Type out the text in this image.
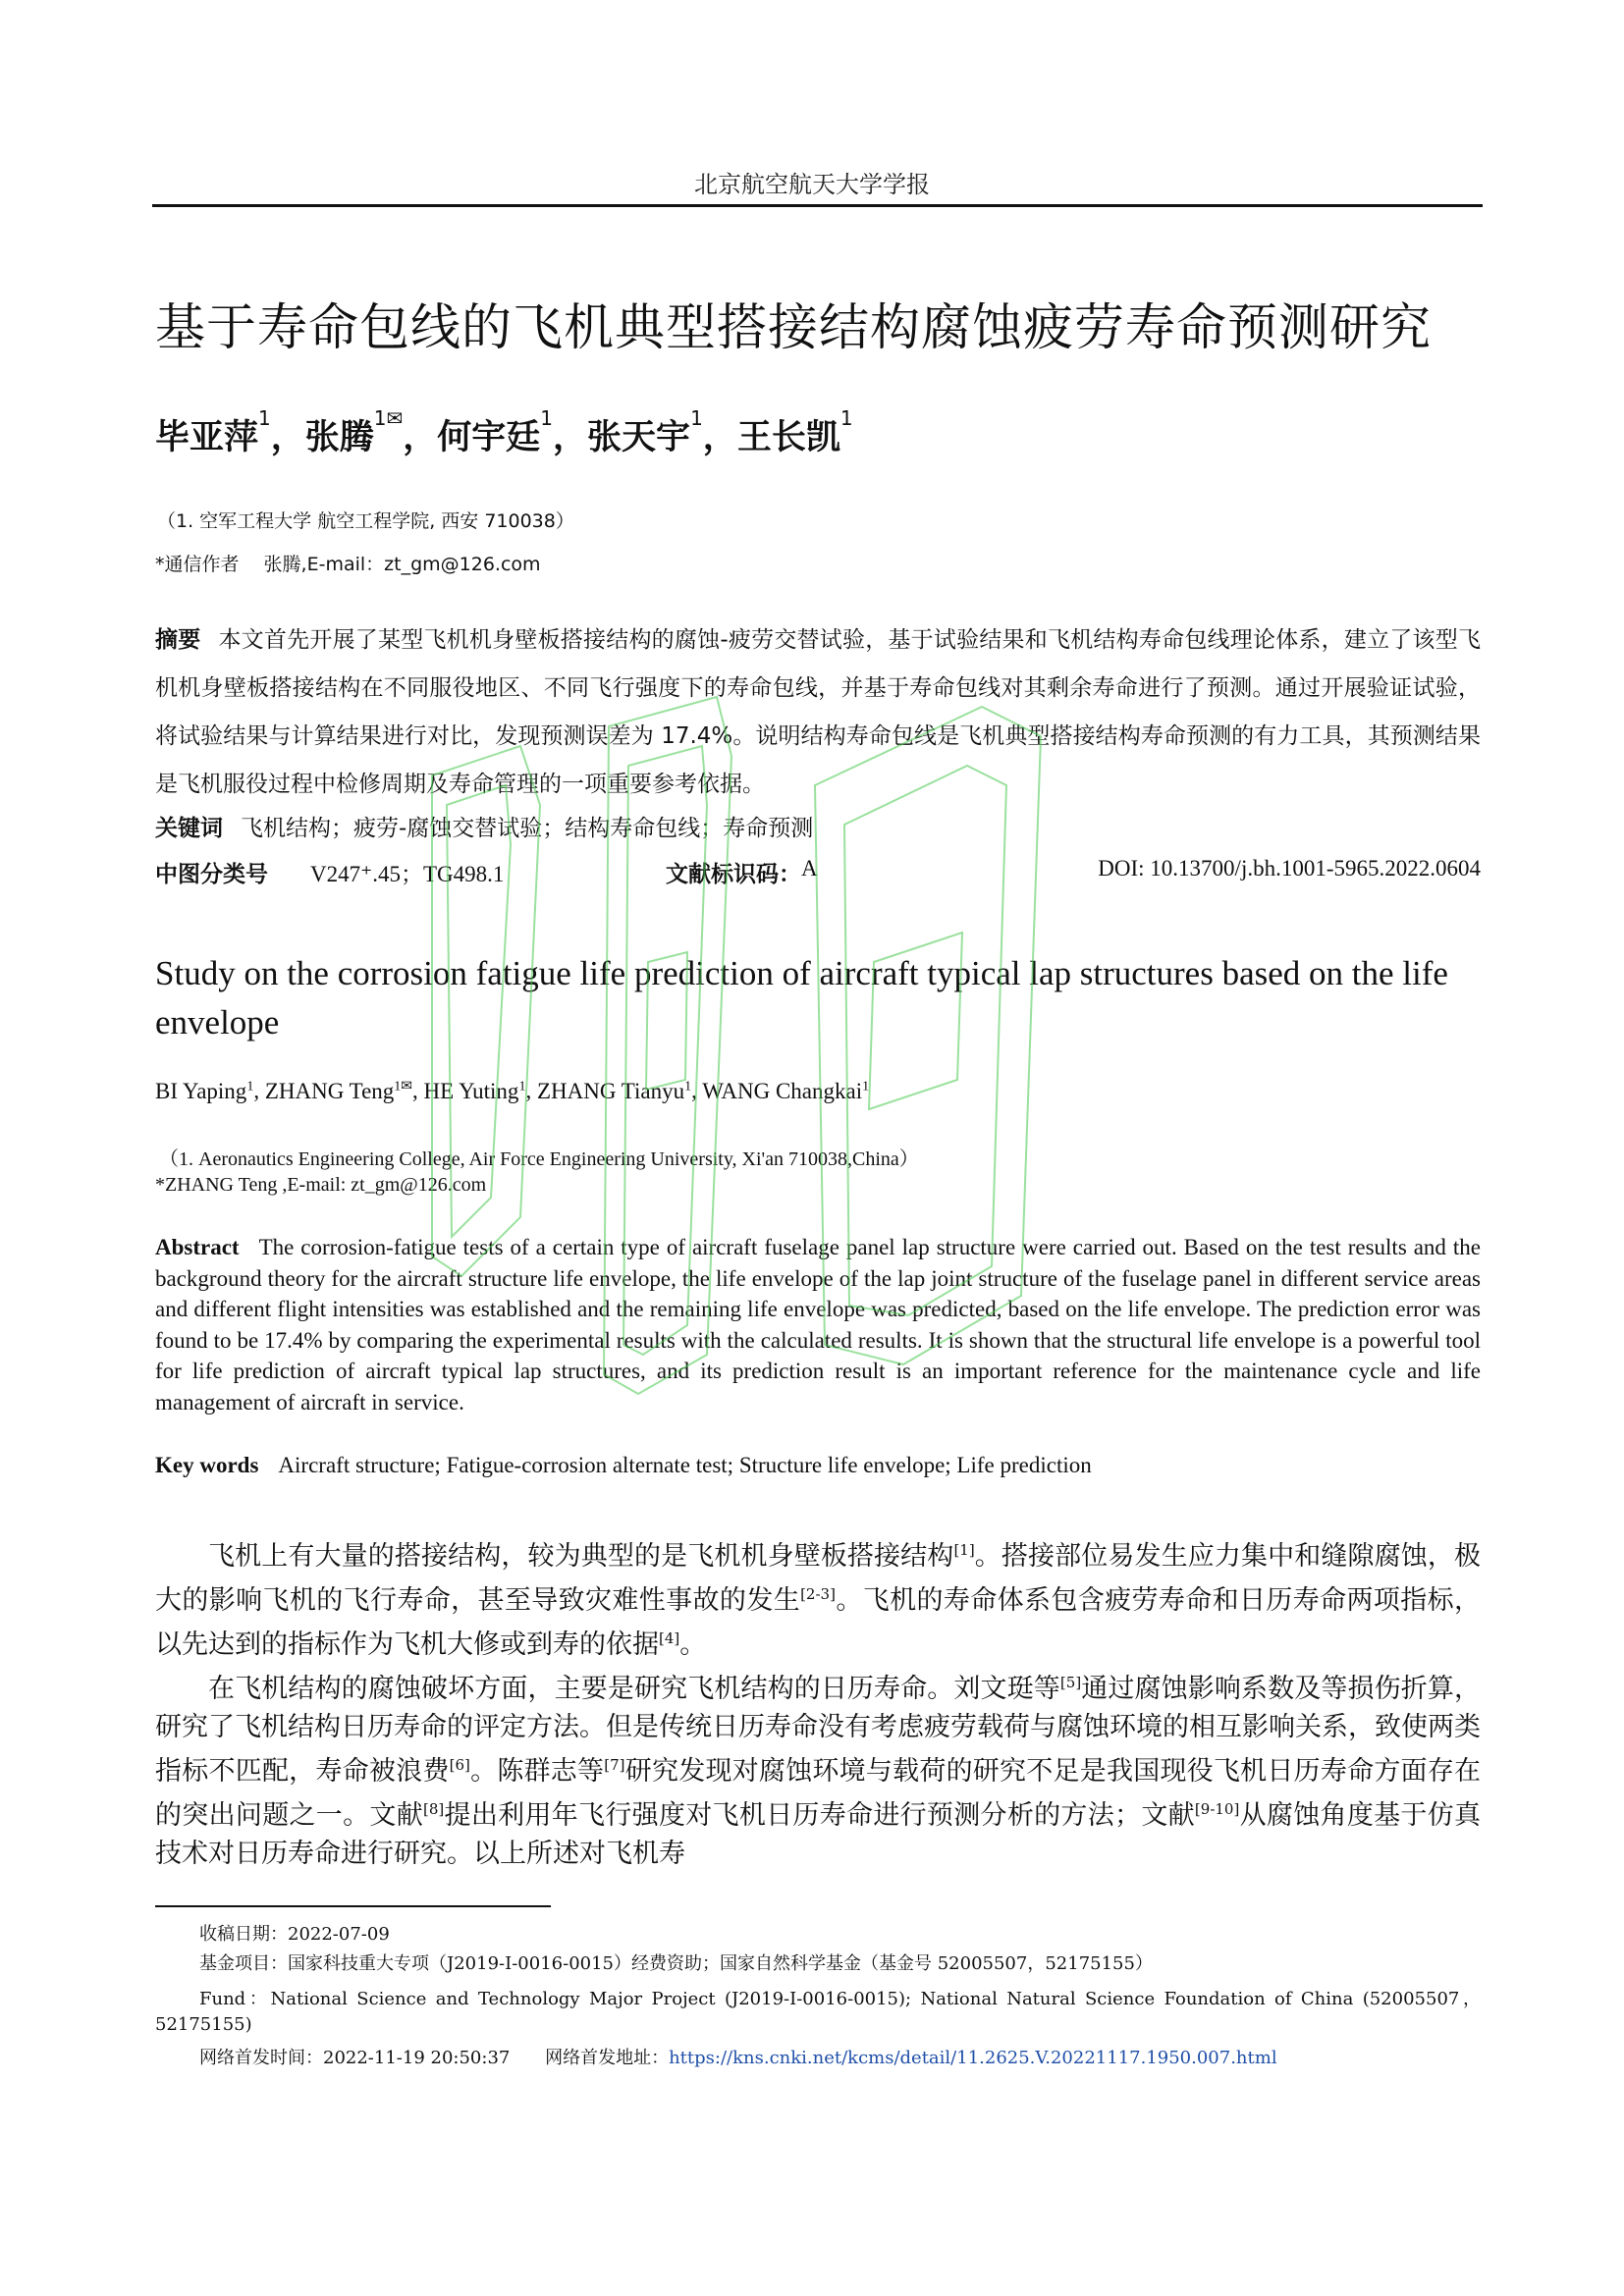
北京航空航天大学学报
基于寿命包线的飞机典型搭接结构腐蚀疲劳寿命预测研究
毕亚萍$^1$，张腾$^{1✉}$，何宇廷$^1$，张天宇$^1$，王长凯$^1$
（1. 空军工程大学 航空工程学院, 西安 710038）
*通信作者　 张腾,E-mail：zt_gm@126.com
摘要 本文首先开展了某型飞机机身壁板搭接结构的腐蚀-疲劳交替试验，基于试验结果和飞机结构寿命包线理论体系，建立了该型飞机机身壁板搭接结构在不同服役地区、不同飞行强度下的寿命包线，并基于寿命包线对其剩余寿命进行了预测。通过开展验证试验，将试验结果与计算结果进行对比，发现预测误差为 17.4%。说明结构寿命包线是飞机典型搭接结构寿命预测的有力工具，其预测结果是飞机服役过程中检修周期及寿命管理的一项重要参考依据。
关键词 飞机结构；疲劳-腐蚀交替试验；结构寿命包线；寿命预测
中图分类号 V247⁺.45；TG498.1	文献标识码： A	DOI: 10.13700/j.bh.1001-5965.2022.0604
Study on the corrosion fatigue life prediction of aircraft typical lap structures based on the life envelope
BI Yaping$^1$, ZHANG Teng$^{1✉}$, HE Yuting$^1$, ZHANG Tianyu$^1$, WANG Changkai$^1$
（1. Aeronautics Engineering College, Air Force Engineering University, Xi'an 710038,China）
*ZHANG Teng ,E-mail: zt_gm@126.com
Abstract The corrosion-fatigue tests of a certain type of aircraft fuselage panel lap structure were carried out. Based on the test results and the background theory for the aircraft structure life envelope, the life envelope of the lap joint structure of the fuselage panel in different service areas and different flight intensities was established and the remaining life envelope was predicted, based on the life envelope. The prediction error was found to be 17.4% by comparing the experimental results with the calculated results. It is shown that the structural life envelope is a powerful tool for life prediction of aircraft typical lap structures, and its prediction result is an important reference for the maintenance cycle and life management of aircraft in service.
Key words Aircraft structure; Fatigue-corrosion alternate test; Structure life envelope; Life prediction

飞机上有大量的搭接结构，较为典型的是飞机机身壁板搭接结构[1]。搭接部位易发生应力集中和缝隙腐蚀，极大的影响飞机的飞行寿命，甚至导致灾难性事故的发生[2-3]。飞机的寿命体系包含疲劳寿命和日历寿命两项指标，以先达到的指标作为飞机大修或到寿的依据[4]。

在飞机结构的腐蚀破坏方面，主要是研究飞机结构的日历寿命。刘文珽等[5]通过腐蚀影响系数及等损伤折算，研究了飞机结构日历寿命的评定方法。但是传统日历寿命没有考虑疲劳载荷与腐蚀环境的相互影响关系，致使两类指标不匹配，寿命被浪费[6]。陈群志等[7]研究发现对腐蚀环境与载荷的研究不足是我国现役飞机日历寿命方面存在的突出问题之一。文献[8]提出利用年飞行强度对飞机日历寿命进行预测分析的方法；文献[9-10]从腐蚀角度基于仿真技术对日历寿命进行研究。以上所述对飞机寿

收稿日期：2022-07-09
基金项目：国家科技重大专项（J2019-I-0016-0015）经费资助；国家自然科学基金（基金号 52005507，52175155）
Fund：National Science and Technology Major Project (J2019-I-0016-0015); National Natural Science Foundation of China (52005507，52175155)
网络首发时间：2022-11-19 20:50:37 网络首发地址：https://kns.cnki.net/kcms/detail/11.2625.V.20221117.1950.007.html
